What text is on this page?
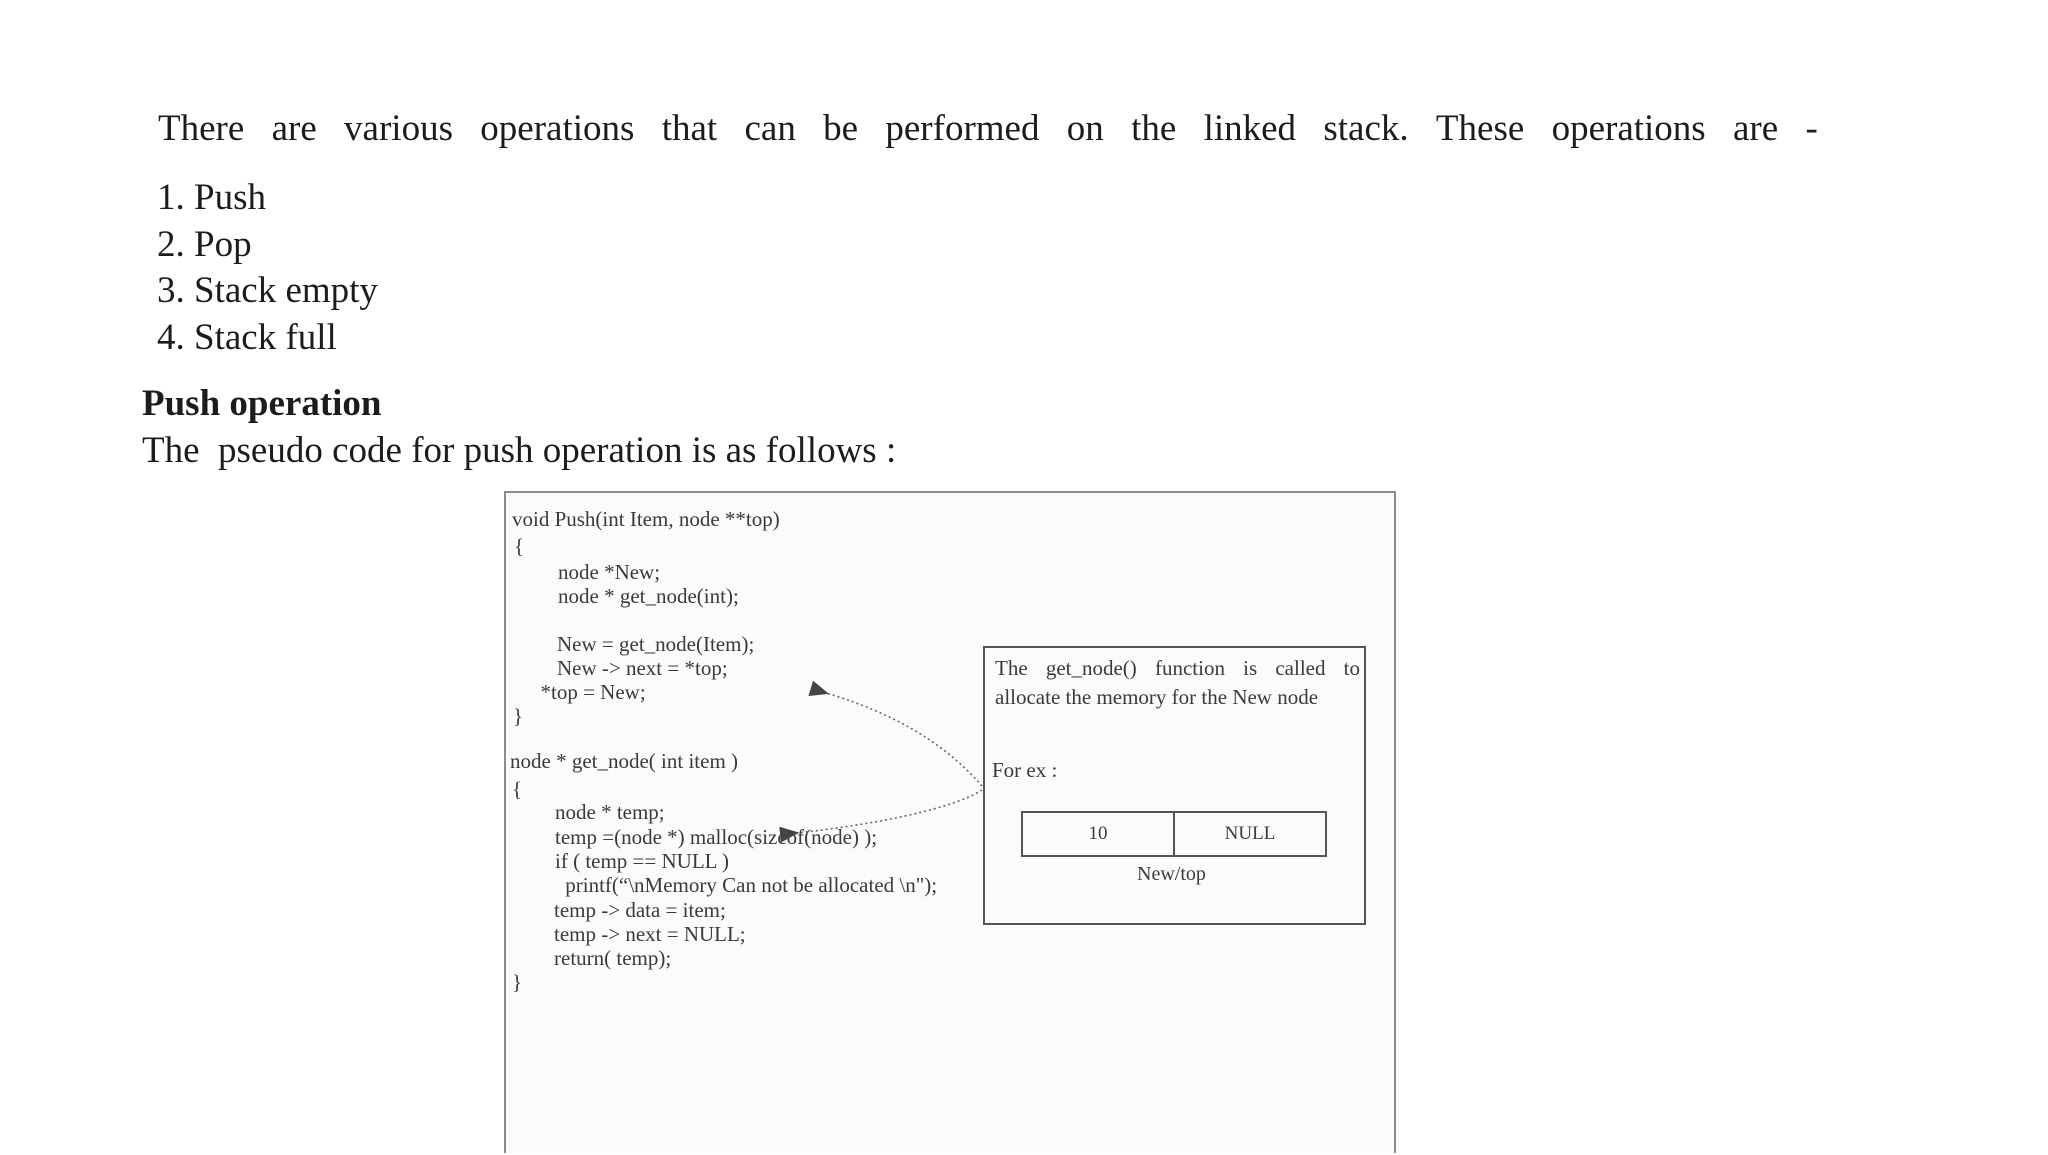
There are various operations that can be performed on the linked stack. These operations are -
1. Push
2. Pop
3. Stack empty
4. Stack full
Push operation
The  pseudo code for push operation is as follows :
void Push(int Item, node **top)
{
node *New;
node * get_node(int);
New = get_node(Item);
New -> next = *top;
*top = New;
}
node * get_node( int item )
{
node * temp;
temp =(node *) malloc(sizeof(node) );
if ( temp == NULL )
printf(“\nMemory Can not be allocated \n");
temp -> data = item;
temp -> next = NULL;
return( temp);
}
The get_node() function is called to allocate the memory for the New node
For ex :
10	NULL
New/top
